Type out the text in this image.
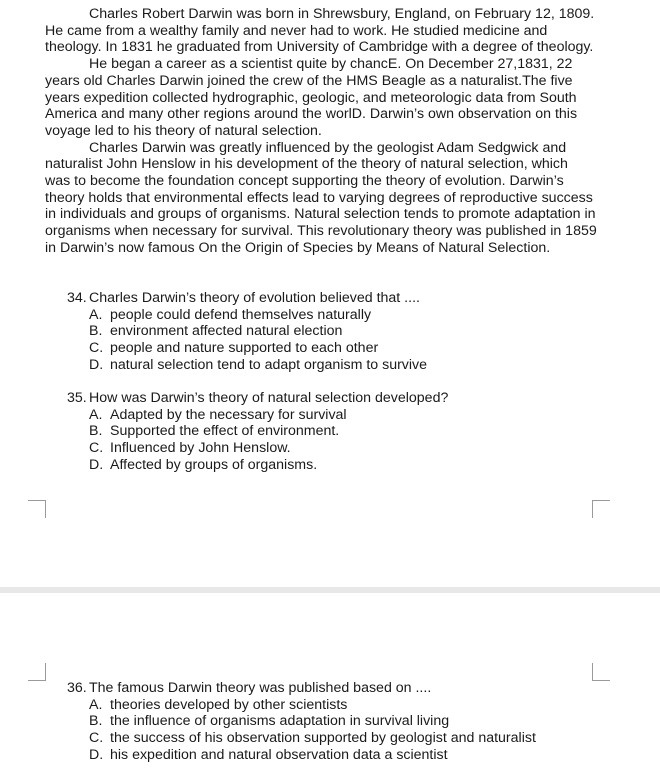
Charles Robert Darwin was born in Shrewsbury, England, on February 12, 1809. He came from a wealthy family and never had to work. He studied medicine and theology. In 1831 he graduated from University of Cambridge with a degree of theology.

He began a career as a scientist quite by chancE. On December 27,1831, 22 years old Charles Darwin joined the crew of the HMS Beagle as a naturalist.The five years expedition collected hydrographic, geologic, and meteorologic data from South America and many other regions around the worlD. Darwin’s own observation on this voyage led to his theory of natural selection.

Charles Darwin was greatly influenced by the geologist Adam Sedgwick and naturalist John Henslow in his development of the theory of natural selection, which was to become the foundation concept supporting the theory of evolution. Darwin’s theory holds that environmental effects lead to varying degrees of reproductive success in individuals and groups of organisms. Natural selection tends to promote adaptation in organisms when necessary for survival. This revolutionary theory was published in 1859 in Darwin’s now famous On the Origin of Species by Means of Natural Selection.

34. Charles Darwin’s theory of evolution believed that ....
A. people could defend themselves naturally
B. environment affected natural election
C. people and nature supported to each other
D. natural selection tend to adapt organism to survive
35. How was Darwin’s theory of natural selection developed?
A. Adapted by the necessary for survival
B. Supported the effect of environment.
C. Influenced by John Henslow.
D. Affected by groups of organisms.
36. The famous Darwin theory was published based on ....
A. theories developed by other scientists
B. the influence of organisms adaptation in survival living
C. the success of his observation supported by geologist and naturalist
D. his expedition and natural observation data a scientist
